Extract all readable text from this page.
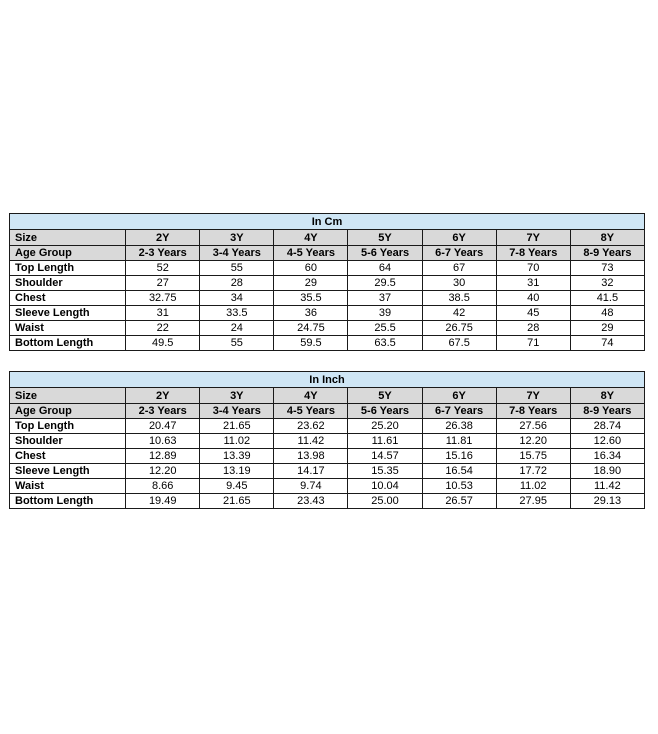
In Cm							
Size	2Y	3Y	4Y	5Y	6Y	7Y	8Y
Age Group	2-3 Years	3-4 Years	4-5 Years	5-6 Years	6-7 Years	7-8 Years	8-9 Years
Top Length	52	55	60	64	67	70	73
Shoulder	27	28	29	29.5	30	31	32
Chest	32.75	34	35.5	37	38.5	40	41.5
Sleeve Length	31	33.5	36	39	42	45	48
Waist	22	24	24.75	25.5	26.75	28	29
Bottom Length	49.5	55	59.5	63.5	67.5	71	74
In Inch							
Size	2Y	3Y	4Y	5Y	6Y	7Y	8Y
Age Group	2-3 Years	3-4 Years	4-5 Years	5-6 Years	6-7 Years	7-8 Years	8-9 Years
Top Length	20.47	21.65	23.62	25.20	26.38	27.56	28.74
Shoulder	10.63	11.02	11.42	11.61	11.81	12.20	12.60
Chest	12.89	13.39	13.98	14.57	15.16	15.75	16.34
Sleeve Length	12.20	13.19	14.17	15.35	16.54	17.72	18.90
Waist	8.66	9.45	9.74	10.04	10.53	11.02	11.42
Bottom Length	19.49	21.65	23.43	25.00	26.57	27.95	29.13
